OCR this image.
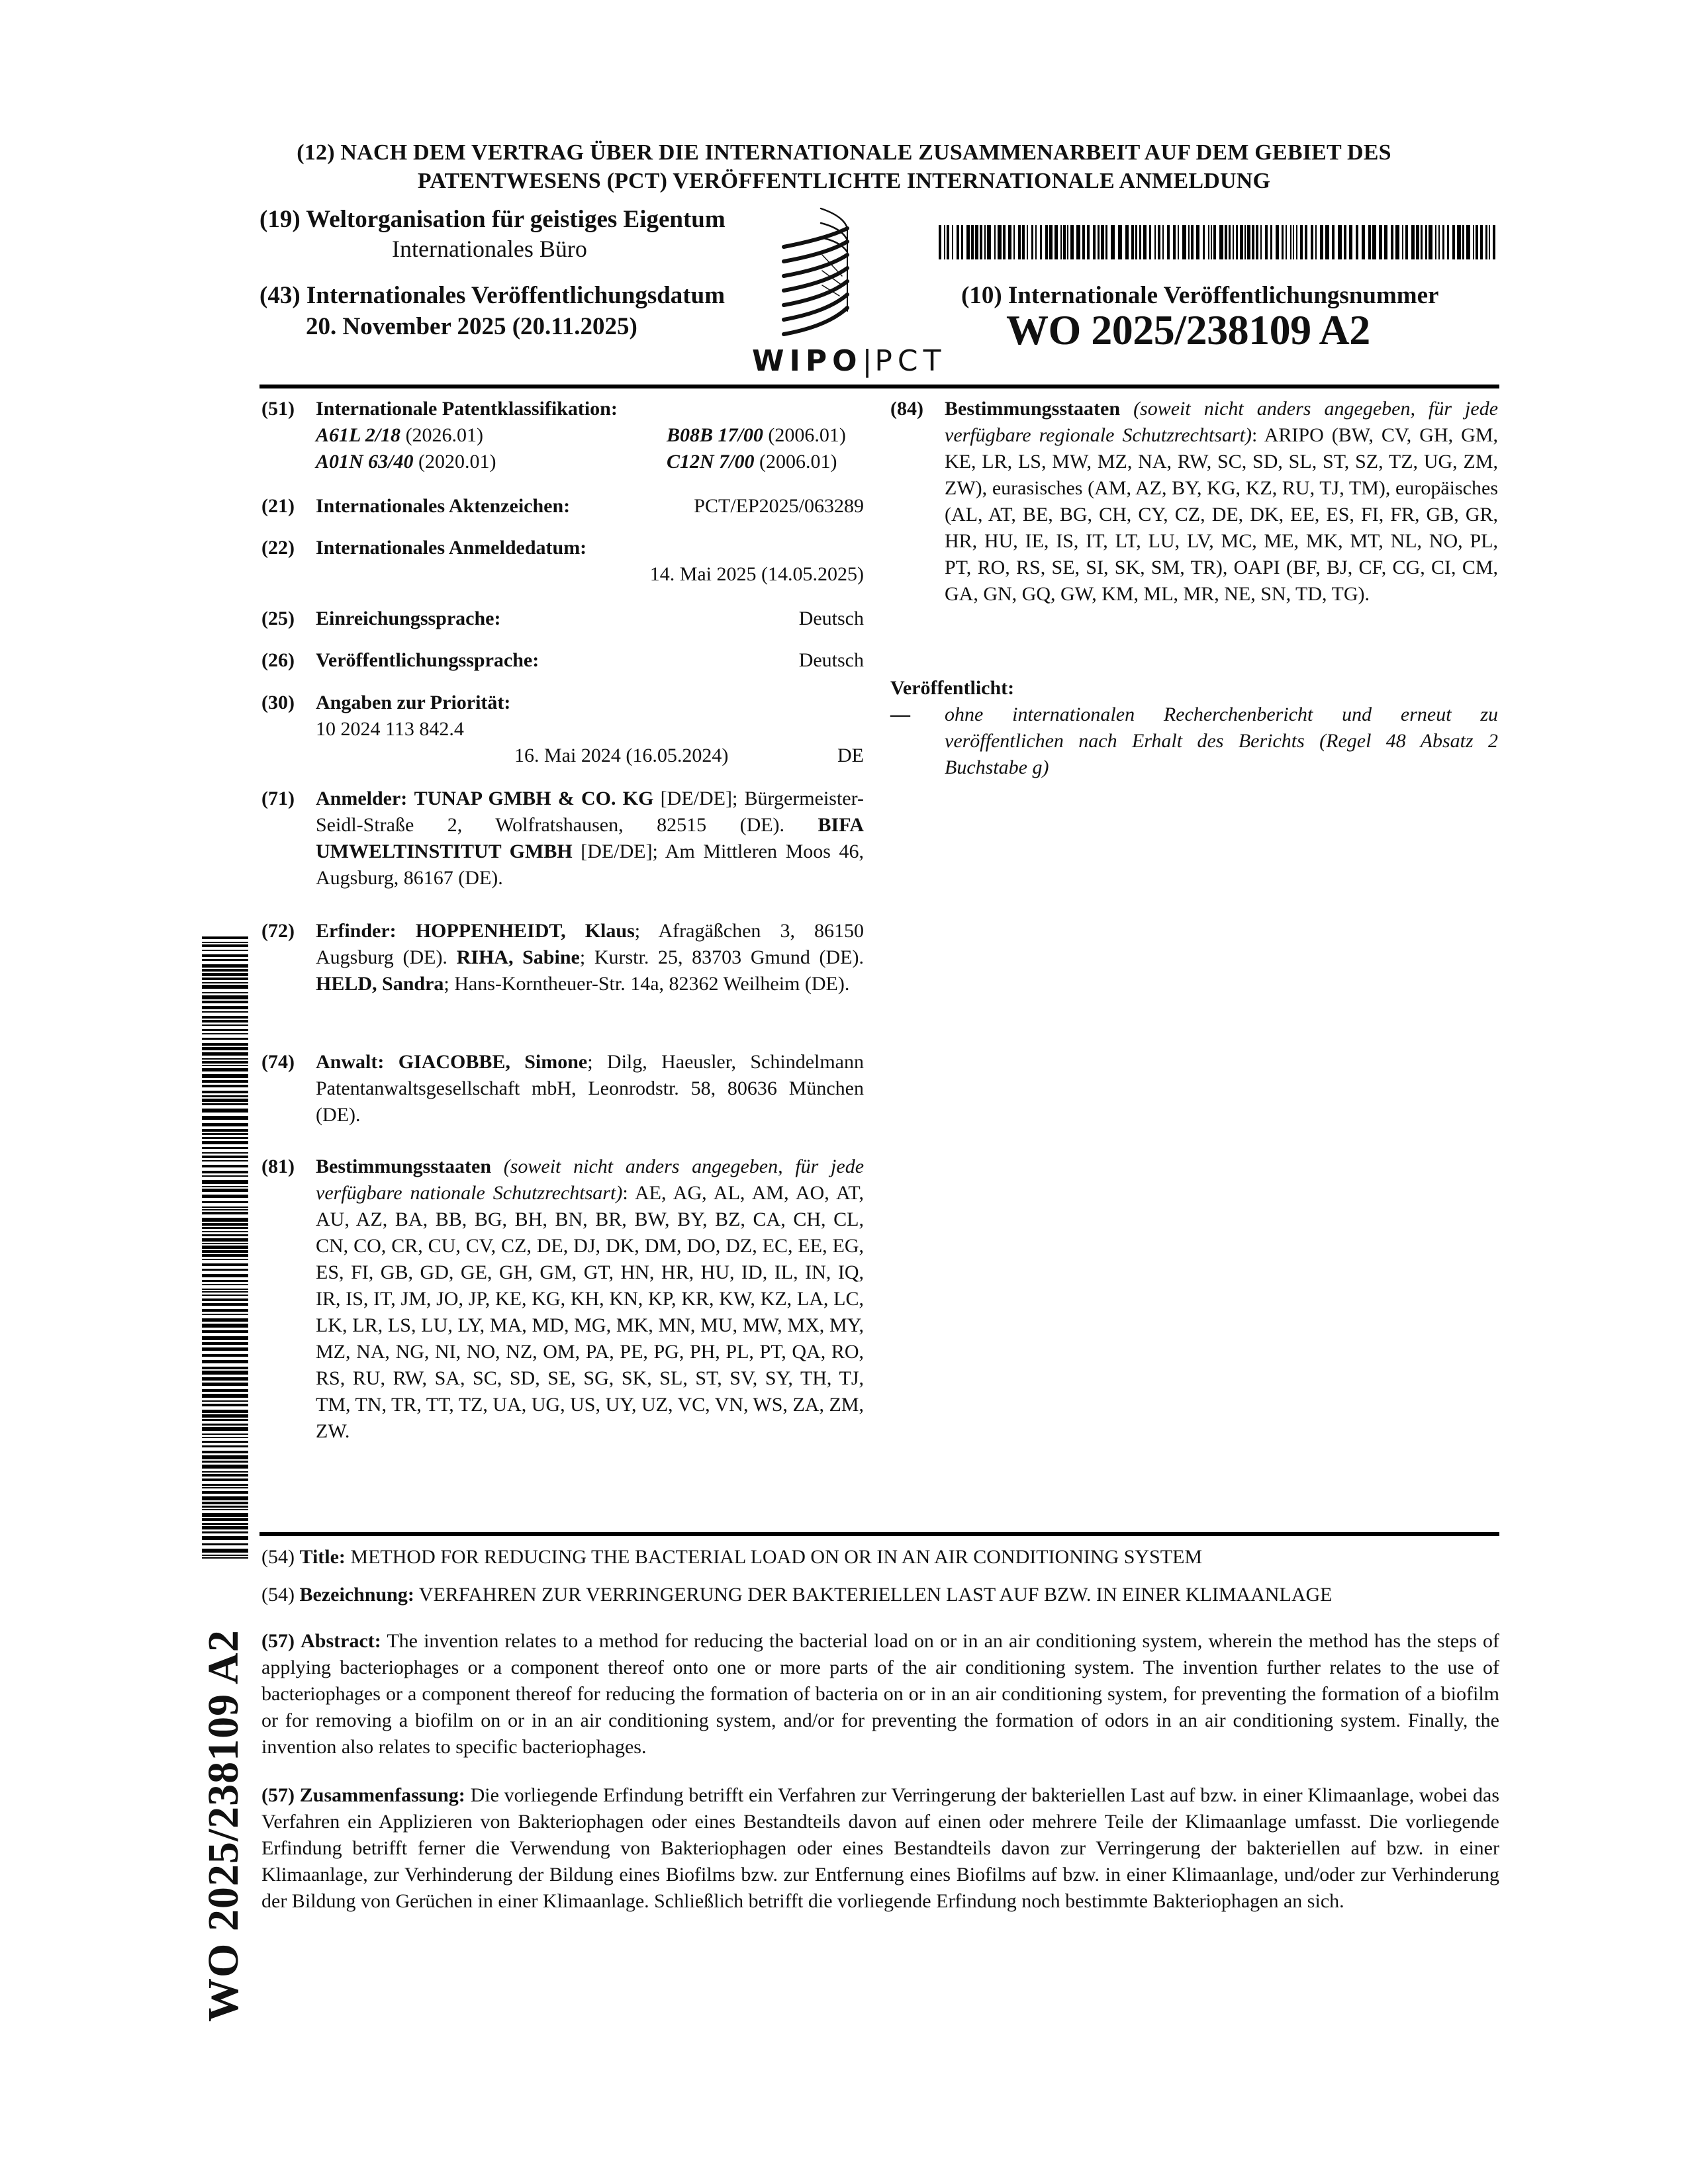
(12) NACH DEM VERTRAG ÜBER DIE INTERNATIONALE ZUSAMMENARBEIT AUF DEM GEBIET DES
PATENTWESENS (PCT) VERÖFFENTLICHTE INTERNATIONALE ANMELDUNG
(19) Weltorganisation für geistiges Eigentum
Internationales Büro
(43) Internationales Veröffentlichungsdatum
20. November 2025 (20.11.2025)
WIPO|PCT
(10) Internationale Veröffentlichungsnummer
WO 2025/238109 A2
(51) Internationale Patentklassifikation:
A61L 2/18 (2026.01)	B08B 17/00 (2006.01)
A01N 63/40 (2020.01)	C12N 7/00 (2006.01)
(21) Internationales Aktenzeichen:	PCT/EP2025/063289
(22) Internationales Anmeldedatum:
14. Mai 2025 (14.05.2025)
(25) Einreichungssprache:	Deutsch
(26) Veröffentlichungssprache:	Deutsch
(30) Angaben zur Priorität:
10 2024 113 842.4
16. Mai 2024 (16.05.2024)	DE
(71) Anmelder: TUNAP GMBH & CO. KG [DE/DE]; Bürgermeister-Seidl-Straße 2, Wolfratshausen, 82515 (DE). BIFA UMWELTINSTITUT GMBH [DE/DE]; Am Mittleren Moos 46, Augsburg, 86167 (DE).
(72) Erfinder: HOPPENHEIDT, Klaus; Afragäßchen 3, 86150 Augsburg (DE). RIHA, Sabine; Kurstr. 25, 83703 Gmund (DE). HELD, Sandra; Hans-Korntheuer-Str. 14a, 82362 Weilheim (DE).
(74) Anwalt: GIACOBBE, Simone; Dilg, Haeusler, Schindelmann Patentanwaltsgesellschaft mbH, Leonrodstr. 58, 80636 München (DE).
(81) Bestimmungsstaaten (soweit nicht anders angegeben, für jede verfügbare nationale Schutzrechtsart): AE, AG, AL, AM, AO, AT, AU, AZ, BA, BB, BG, BH, BN, BR, BW, BY, BZ, CA, CH, CL, CN, CO, CR, CU, CV, CZ, DE, DJ, DK, DM, DO, DZ, EC, EE, EG, ES, FI, GB, GD, GE, GH, GM, GT, HN, HR, HU, ID, IL, IN, IQ, IR, IS, IT, JM, JO, JP, KE, KG, KH, KN, KP, KR, KW, KZ, LA, LC, LK, LR, LS, LU, LY, MA, MD, MG, MK, MN, MU, MW, MX, MY, MZ, NA, NG, NI, NO, NZ, OM, PA, PE, PG, PH, PL, PT, QA, RO, RS, RU, RW, SA, SC, SD, SE, SG, SK, SL, ST, SV, SY, TH, TJ, TM, TN, TR, TT, TZ, UA, UG, US, UY, UZ, VC, VN, WS, ZA, ZM, ZW.
(84) Bestimmungsstaaten (soweit nicht anders angegeben, für jede verfügbare regionale Schutzrechtsart): ARIPO (BW, CV, GH, GM, KE, LR, LS, MW, MZ, NA, RW, SC, SD, SL, ST, SZ, TZ, UG, ZM, ZW), eurasisches (AM, AZ, BY, KG, KZ, RU, TJ, TM), europäisches (AL, AT, BE, BG, CH, CY, CZ, DE, DK, EE, ES, FI, FR, GB, GR, HR, HU, IE, IS, IT, LT, LU, LV, MC, ME, MK, MT, NL, NO, PL, PT, RO, RS, SE, SI, SK, SM, TR), OAPI (BF, BJ, CF, CG, CI, CM, GA, GN, GQ, GW, KM, ML, MR, NE, SN, TD, TG).
Veröffentlicht:
— ohne internationalen Recherchenbericht und erneut zu veröffentlichen nach Erhalt des Berichts (Regel 48 Absatz 2 Buchstabe g)
(54) Title: METHOD FOR REDUCING THE BACTERIAL LOAD ON OR IN AN AIR CONDITIONING SYSTEM
(54) Bezeichnung: VERFAHREN ZUR VERRINGERUNG DER BAKTERIELLEN LAST AUF BZW. IN EINER KLIMAANLAGE
(57) Abstract: The invention relates to a method for reducing the bacterial load on or in an air conditioning system, wherein the method has the steps of applying bacteriophages or a component thereof onto one or more parts of the air conditioning system. The invention further relates to the use of bacteriophages or a component thereof for reducing the formation of bacteria on or in an air conditioning system, for preventing the formation of a biofilm or for removing a biofilm on or in an air conditioning system, and/or for preventing the formation of odors in an air conditioning system. Finally, the invention also relates to specific bacteriophages.
(57) Zusammenfassung: Die vorliegende Erfindung betrifft ein Verfahren zur Verringerung der bakteriellen Last auf bzw. in einer Klimaanlage, wobei das Verfahren ein Applizieren von Bakteriophagen oder eines Bestandteils davon auf einen oder mehrere Teile der Klimaanlage umfasst. Die vorliegende Erfindung betrifft ferner die Verwendung von Bakteriophagen oder eines Bestandteils davon zur Verringerung der bakteriellen auf bzw. in einer Klimaanlage, zur Verhinderung der Bildung eines Biofilms bzw. zur Entfernung eines Biofilms auf bzw. in einer Klimaanlage, und/oder zur Verhinderung der Bildung von Gerüchen in einer Klimaanlage. Schließlich betrifft die vorliegende Erfindung noch bestimmte Bakteriophagen an sich.
WO 2025/238109 A2
